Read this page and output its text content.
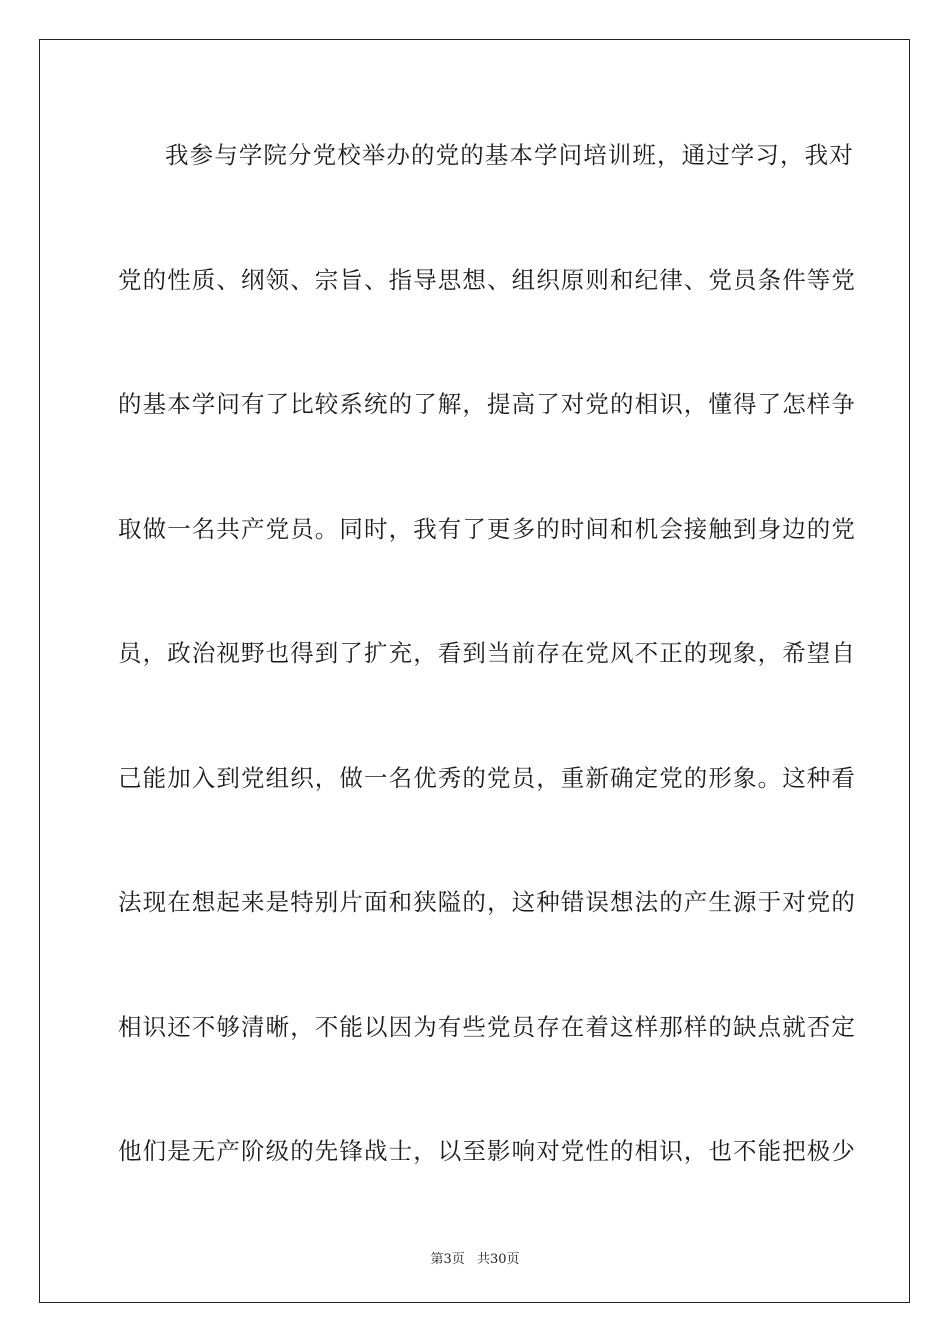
我参与学院分党校举办的党的基本学问培训班，通过学习，我对
党的性质、纲领、宗旨、指导思想、组织原则和纪律、党员条件等党
的基本学问有了比较系统的了解，提高了对党的相识，懂得了怎样争
取做一名共产党员。同时，我有了更多的时间和机会接触到身边的党
员，政治视野也得到了扩充，看到当前存在党风不正的现象，希望自
己能加入到党组织，做一名优秀的党员，重新确定党的形象。这种看
法现在想起来是特别片面和狭隘的，这种错误想法的产生源于对党的
相识还不够清晰，不能以因为有些党员存在着这样那样的缺点就否定
他们是无产阶级的先锋战士，以至影响对党性的相识，也不能把极少
第3页 共30页
